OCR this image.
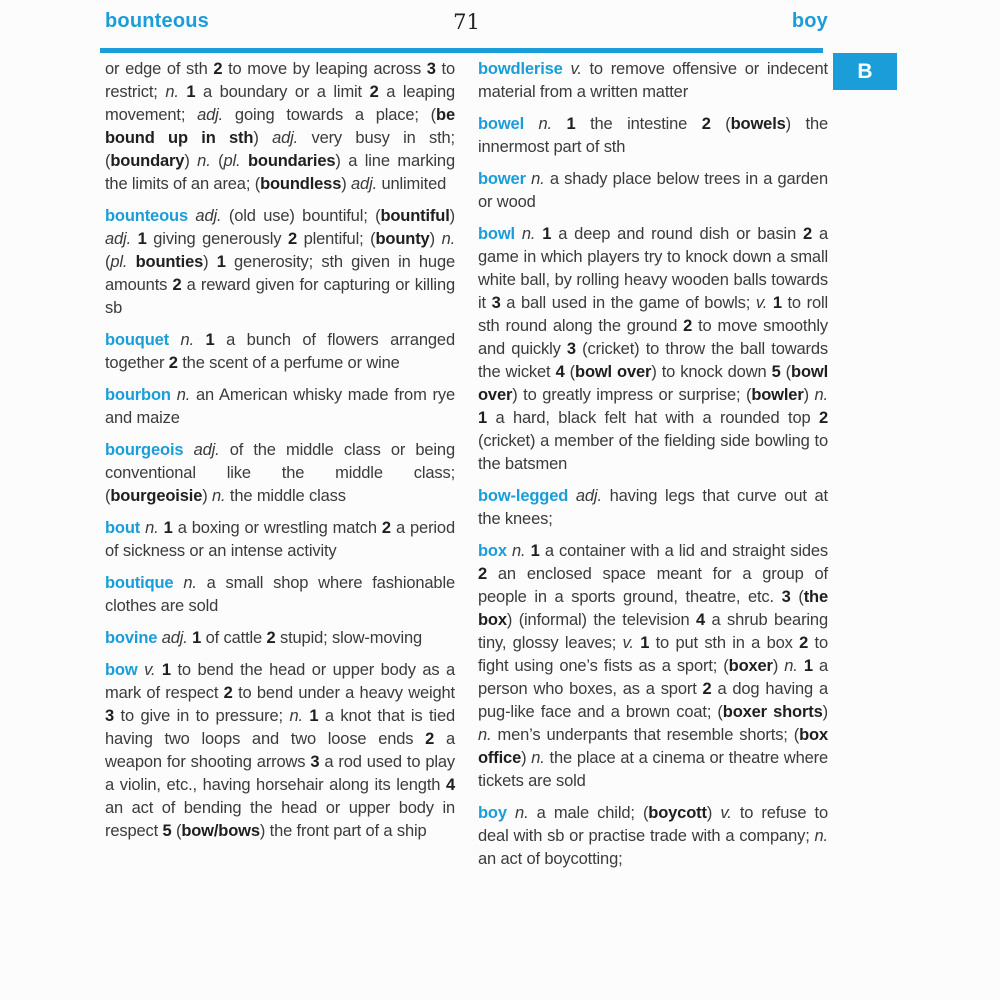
bounteous	71	boy
B

or edge of sth 2 to move by leaping across 3 to restrict; n. 1 a boundary or a limit 2 a leaping movement; adj. going towards a place; (be bound up in sth) adj. very busy in sth; (boundary) n. (pl. boundaries) a line marking the limits of an area; (boundless) adj. unlimited

bounteous adj. (old use) bountiful; (bountiful) adj. 1 giving generously 2 plentiful; (bounty) n. (pl. bounties) 1 generosity; sth given in huge amounts 2 a reward given for capturing or killing sb

bouquet n. 1 a bunch of flowers arranged together 2 the scent of a perfume or wine

bourbon n. an American whisky made from rye and maize

bourgeois adj. of the middle class or being conventional like the middle class; (bourgeoisie) n. the middle class

bout n. 1 a boxing or wrestling match 2 a period of sickness or an intense activity

boutique n. a small shop where fashionable clothes are sold

bovine adj. 1 of cattle 2 stupid; slow-moving

bow v. 1 to bend the head or upper body as a mark of respect 2 to bend under a heavy weight 3 to give in to pressure; n. 1 a knot that is tied having two loops and two loose ends 2 a weapon for shooting arrows 3 a rod used to play a violin, etc., having horsehair along its length 4 an act of bending the head or upper body in respect 5 (bow/bows) the front part of a ship

bowdlerise v. to remove offensive or indecent material from a written matter

bowel n. 1 the intestine 2 (bowels) the innermost part of sth

bower n. a shady place below trees in a garden or wood

bowl n. 1 a deep and round dish or basin 2 a game in which players try to knock down a small white ball, by rolling heavy wooden balls towards it 3 a ball used in the game of bowls; v. 1 to roll sth round along the ground 2 to move smoothly and quickly 3 (cricket) to throw the ball towards the wicket 4 (bowl over) to knock down 5 (bowl over) to greatly impress or surprise; (bowler) n. 1 a hard, black felt hat with a rounded top 2 (cricket) a member of the fielding side bowling to the batsmen

bow-legged adj. having legs that curve out at the knees;

box n. 1 a container with a lid and straight sides 2 an enclosed space meant for a group of people in a sports ground, theatre, etc. 3 (the box) (informal) the television 4 a shrub bearing tiny, glossy leaves; v. 1 to put sth in a box 2 to fight using one’s fists as a sport; (boxer) n. 1 a person who boxes, as a sport 2 a dog having a pug-like face and a brown coat; (boxer shorts) n. men’s underpants that resemble shorts; (box office) n. the place at a cinema or theatre where tickets are sold

boy n. a male child; (boycott) v. to refuse to deal with sb or practise trade with a company; n. an act of boycotting;
